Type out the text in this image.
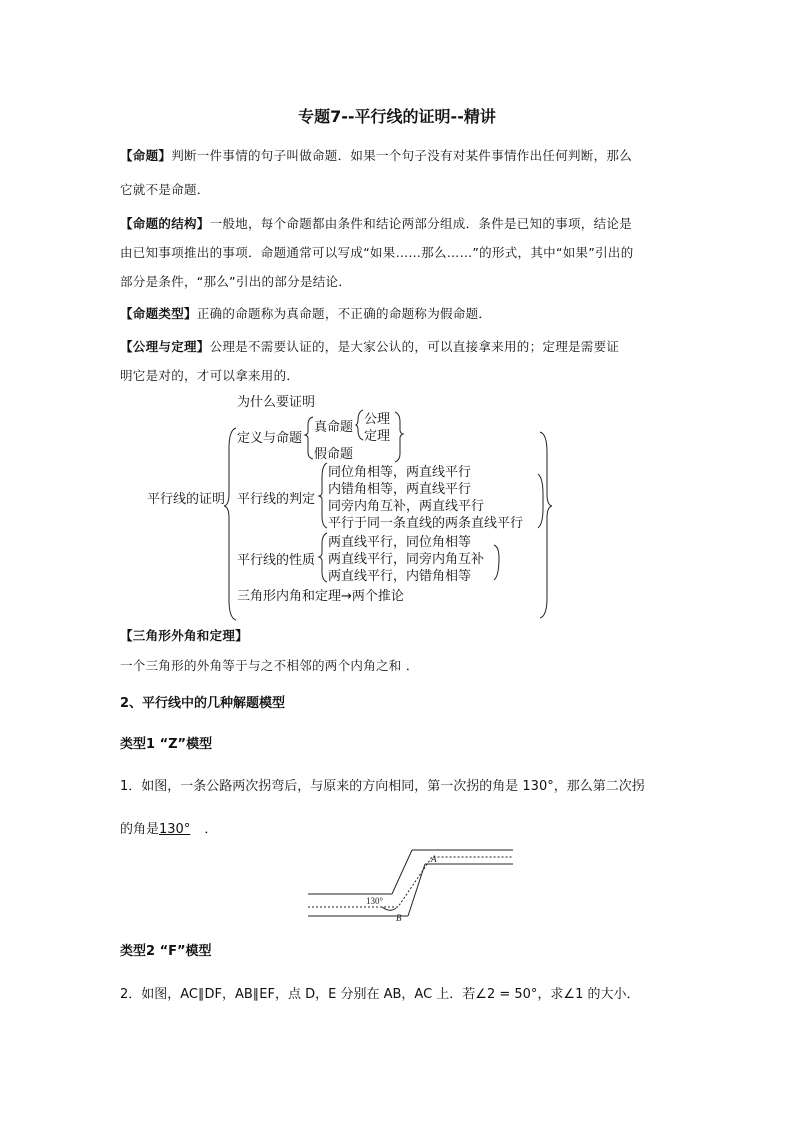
专题7--平行线的证明--精讲
【命题】判断一件事情的句子叫做命题．如果一个句子没有对某件事情作出任何判断，那么
它就不是命题．
【命题的结构】一般地，每个命题都由条件和结论两部分组成．条件是已知的事项，结论是
由已知事项推出的事项．命题通常可以写成“如果……那么……”的形式，其中“如果”引出的
部分是条件，“那么”引出的部分是结论．
【命题类型】正确的命题称为真命题，不正确的命题称为假命题．
【公理与定理】公理是不需要认证的，是大家公认的，可以直接拿来用的；定理是需要证
明它是对的，才可以拿来用的．
为什么要证明
定义与命题
真命题
公理
定理
假命题
平行线的证明 平行线的判定
同位角相等，两直线平行
内错角相等，两直线平行
同旁内角互补，两直线平行
平行于同一条直线的两条直线平行
平行线的性质
两直线平行，同位角相等
两直线平行，同旁内角互补
两直线平行，内错角相等
三角形内角和定理→两个推论
【三角形外角和定理】
一个三角形的外角等于与之不相邻的两个内角之和 ．
2、平行线中的几种解题模型
类型1 “Z”模型
1．如图，一条公路两次拐弯后，与原来的方向相同，第一次拐的角是 130°，那么第二次拐
的角是130° ．
130°
A
B
类型2 “F”模型
2．如图，AC∥DF，AB∥EF，点 D，E 分别在 AB，AC 上．若∠2 = 50°，求∠1 的大小．
